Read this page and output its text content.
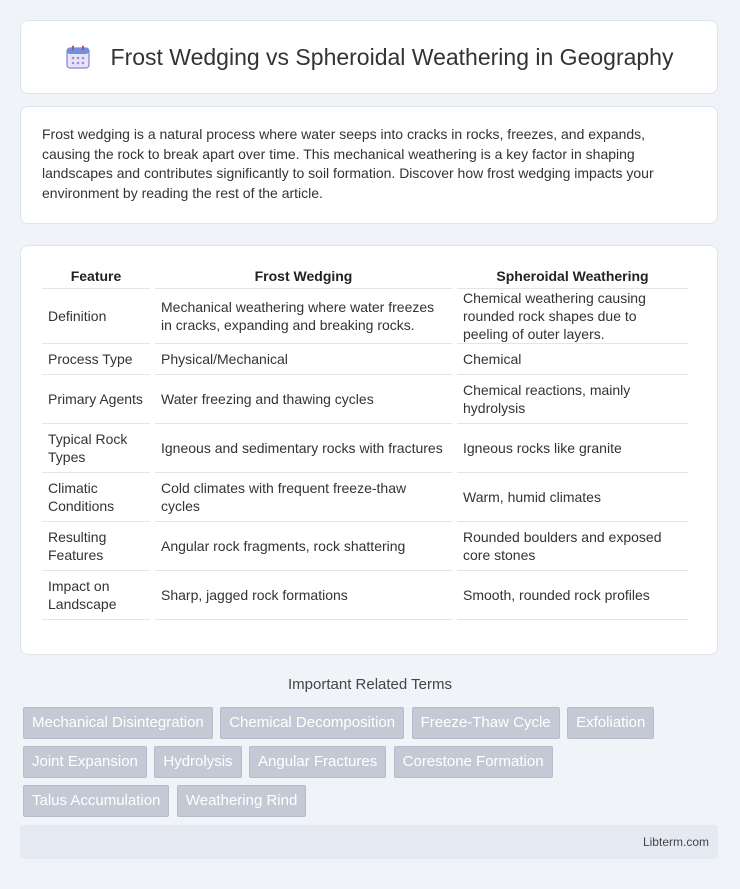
Frost Wedging vs Spheroidal Weathering in Geography

Frost wedging is a natural process where water seeps into cracks in rocks, freezes, and expands, causing the rock to break apart over time. This mechanical weathering is a key factor in shaping landscapes and contributes significantly to soil formation. Discover how frost wedging impacts your environment by reading the rest of the article.

Feature	Frost Wedging	Spheroidal Weathering
Definition	Mechanical weathering where water freezes in cracks, expanding and breaking rocks.	Chemical weathering causing rounded rock shapes due to peeling of outer layers.
Process Type	Physical/Mechanical	Chemical
Primary Agents	Water freezing and thawing cycles	Chemical reactions, mainly hydrolysis
Typical Rock Types	Igneous and sedimentary rocks with fractures	Igneous rocks like granite
Climatic Conditions	Cold climates with frequent freeze-thaw cycles	Warm, humid climates
Resulting Features	Angular rock fragments, rock shattering	Rounded boulders and exposed core stones
Impact on Landscape	Sharp, jagged rock formations	Smooth, rounded rock profiles
Important Related Terms
Mechanical Disintegration Chemical Decomposition Freeze-Thaw Cycle Exfoliation Joint Expansion Hydrolysis Angular Fractures Corestone Formation Talus Accumulation Weathering Rind
Libterm.com
